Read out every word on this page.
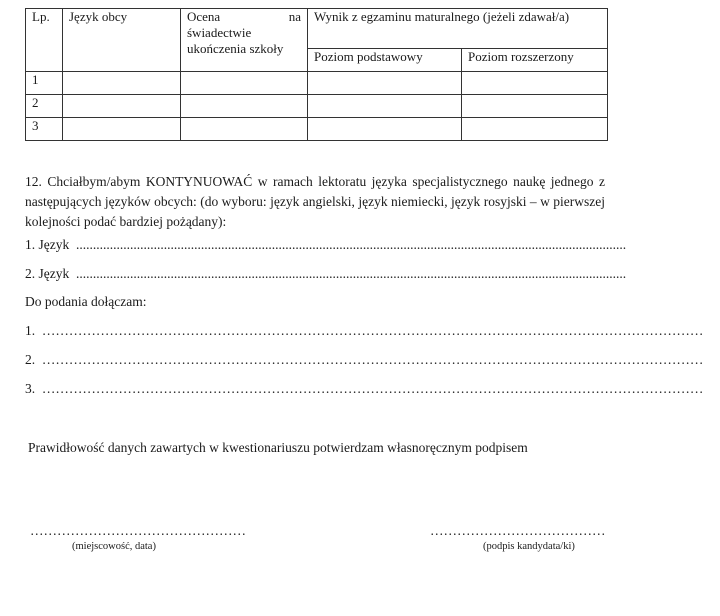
Lp.	Język obcy	Ocena na świadectwie ukończenia szkoły	Wynik z egzaminu maturalnego (jeżeli zdawał/a)	
			Poziom podstawowy	Poziom rozszerzony
1				
2				
3				
12. Chciałbym/abym KONTYNUOWAĆ w ramach lektoratu języka specjalistycznego naukę jednego z następujących języków obcych: (do wyboru: język angielski, język niemiecki, język rosyjski – w pierwszej kolejności podać bardziej pożądany):
1. Język  ...................................................................................................................................................................
2. Język  ...................................................................................................................................................................
Do podania dołączam:
1.  …………………………………………………………………………………………………………………………………
2.  …………………………………………………………………………………………………………………………………
3.  …………………………………………………………………………………………………………………………………
Prawidłowość danych zawartych w kwestionariuszu potwierdzam własnoręcznym podpisem
…………………………………………
(miejscowość, data)
…………………………………
(podpis kandydata/ki)
